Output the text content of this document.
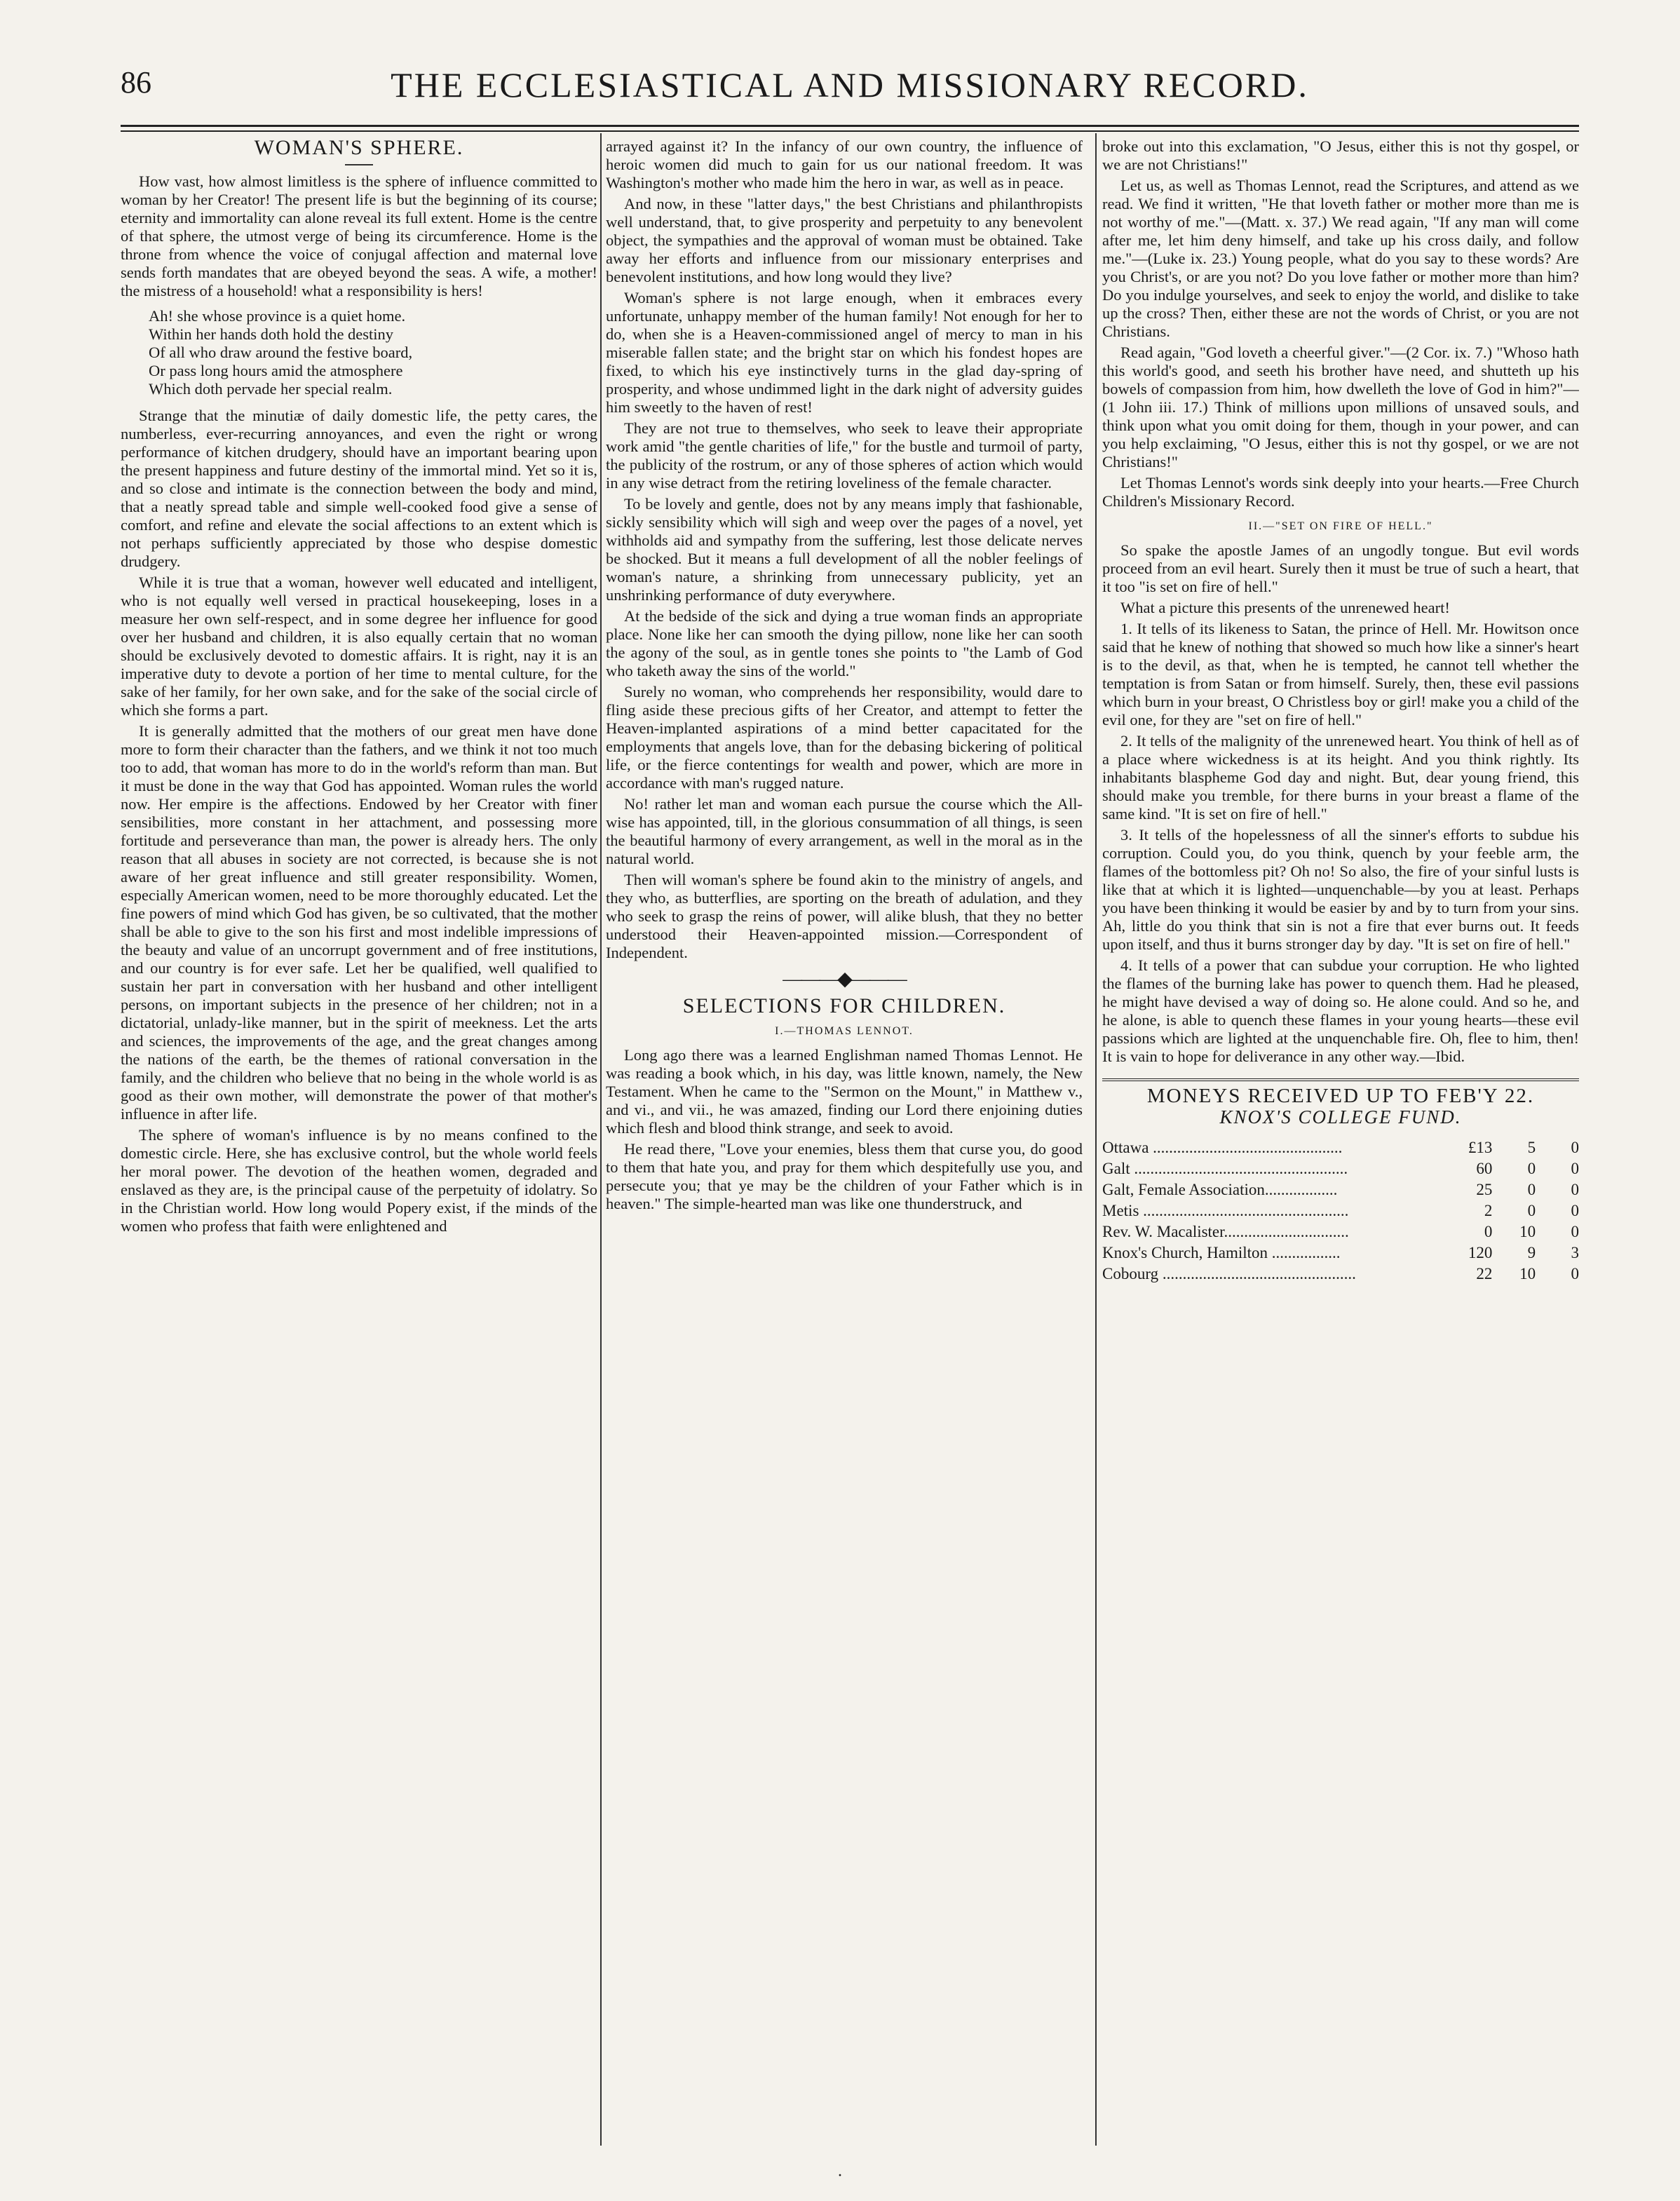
86	THE ECCLESIASTICAL AND MISSIONARY RECORD.
WOMAN'S SPHERE.

How vast, how almost limitless is the sphere of influence committed to woman by her Creator! The present life is but the beginning of its course; eternity and immortality can alone reveal its full extent. Home is the centre of that sphere, the utmost verge of being its circumference. Home is the throne from whence the voice of conjugal affection and maternal love sends forth mandates that are obeyed beyond the seas. A wife, a mother! the mistress of a household! what a responsibility is hers!

Ah! she whose province is a quiet home.
Within her hands doth hold the destiny
Of all who draw around the festive board,
Or pass long hours amid the atmosphere
Which doth pervade her special realm.

Strange that the minutiæ of daily domestic life, the petty cares, the numberless, ever-recurring annoyances, and even the right or wrong performance of kitchen drudgery, should have an important bearing upon the present happiness and future destiny of the immortal mind. Yet so it is, and so close and intimate is the connection between the body and mind, that a neatly spread table and simple well-cooked food give a sense of comfort, and refine and elevate the social affections to an extent which is not perhaps sufficiently appreciated by those who despise domestic drudgery.

While it is true that a woman, however well educated and intelligent, who is not equally well versed in practical housekeeping, loses in a measure her own self-respect, and in some degree her influence for good over her husband and children, it is also equally certain that no woman should be exclusively devoted to domestic affairs. It is right, nay it is an imperative duty to devote a portion of her time to mental culture, for the sake of her family, for her own sake, and for the sake of the social circle of which she forms a part.

It is generally admitted that the mothers of our great men have done more to form their character than the fathers, and we think it not too much too to add, that woman has more to do in the world's reform than man. But it must be done in the way that God has appointed. Woman rules the world now. Her empire is the affections. Endowed by her Creator with finer sensibilities, more constant in her attachment, and possessing more fortitude and perseverance than man, the power is already hers. The only reason that all abuses in society are not corrected, is because she is not aware of her great influence and still greater responsibility. Women, especially American women, need to be more thoroughly educated. Let the fine powers of mind which God has given, be so cultivated, that the mother shall be able to give to the son his first and most indelible impressions of the beauty and value of an uncorrupt government and of free institutions, and our country is for ever safe. Let her be qualified, well qualified to sustain her part in conversation with her husband and other intelligent persons, on important subjects in the presence of her children; not in a dictatorial, unlady-like manner, but in the spirit of meekness. Let the arts and sciences, the improvements of the age, and the great changes among the nations of the earth, be the themes of rational conversation in the family, and the children who believe that no being in the whole world is as good as their own mother, will demonstrate the power of that mother's influence in after life.

The sphere of woman's influence is by no means confined to the domestic circle. Here, she has exclusive control, but the whole world feels her moral power. The devotion of the heathen women, degraded and enslaved as they are, is the principal cause of the perpetuity of idolatry. So in the Christian world. How long would Popery exist, if the minds of the women who profess that faith were enlightened and

arrayed against it? In the infancy of our own country, the influence of heroic women did much to gain for us our national freedom. It was Washington's mother who made him the hero in war, as well as in peace.

And now, in these "latter days," the best Christians and philanthropists well understand, that, to give prosperity and perpetuity to any benevolent object, the sympathies and the approval of woman must be obtained. Take away her efforts and influence from our missionary enterprises and benevolent institutions, and how long would they live?

Woman's sphere is not large enough, when it embraces every unfortunate, unhappy member of the human family! Not enough for her to do, when she is a Heaven-commissioned angel of mercy to man in his miserable fallen state; and the bright star on which his fondest hopes are fixed, to which his eye instinctively turns in the glad day-spring of prosperity, and whose undimmed light in the dark night of adversity guides him sweetly to the haven of rest!

They are not true to themselves, who seek to leave their appropriate work amid "the gentle charities of life," for the bustle and turmoil of party, the publicity of the rostrum, or any of those spheres of action which would in any wise detract from the retiring loveliness of the female character.

To be lovely and gentle, does not by any means imply that fashionable, sickly sensibility which will sigh and weep over the pages of a novel, yet withholds aid and sympathy from the suffering, lest those delicate nerves be shocked. But it means a full development of all the nobler feelings of woman's nature, a shrinking from unnecessary publicity, yet an unshrinking performance of duty everywhere.

At the bedside of the sick and dying a true woman finds an appropriate place. None like her can smooth the dying pillow, none like her can sooth the agony of the soul, as in gentle tones she points to "the Lamb of God who taketh away the sins of the world."

Surely no woman, who comprehends her responsibility, would dare to fling aside these precious gifts of her Creator, and attempt to fetter the Heaven-implanted aspirations of a mind better capacitated for the employments that angels love, than for the debasing bickering of political life, or the fierce contentings for wealth and power, which are more in accordance with man's rugged nature.

No! rather let man and woman each pursue the course which the All-wise has appointed, till, in the glorious consummation of all things, is seen the beautiful harmony of every arrangement, as well in the moral as in the natural world.

Then will woman's sphere be found akin to the ministry of angels, and they who, as butterflies, are sporting on the breath of adulation, and they who seek to grasp the reins of power, will alike blush, that they no better understood their Heaven-appointed mission.—Correspondent of Independent.

———◆———
SELECTIONS FOR CHILDREN.
I.—THOMAS LENNOT.

Long ago there was a learned Englishman named Thomas Lennot. He was reading a book which, in his day, was little known, namely, the New Testament. When he came to the "Sermon on the Mount," in Matthew v., and vi., and vii., he was amazed, finding our Lord there enjoining duties which flesh and blood think strange, and seek to avoid.

He read there, "Love your enemies, bless them that curse you, do good to them that hate you, and pray for them which despitefully use you, and persecute you; that ye may be the children of your Father which is in heaven." The simple-hearted man was like one thunderstruck, and

broke out into this exclamation, "O Jesus, either this is not thy gospel, or we are not Christians!"

Let us, as well as Thomas Lennot, read the Scriptures, and attend as we read. We find it written, "He that loveth father or mother more than me is not worthy of me."—(Matt. x. 37.) We read again, "If any man will come after me, let him deny himself, and take up his cross daily, and follow me."—(Luke ix. 23.) Young people, what do you say to these words? Are you Christ's, or are you not? Do you love father or mother more than him? Do you indulge yourselves, and seek to enjoy the world, and dislike to take up the cross? Then, either these are not the words of Christ, or you are not Christians.

Read again, "God loveth a cheerful giver."—(2 Cor. ix. 7.) "Whoso hath this world's good, and seeth his brother have need, and shutteth up his bowels of compassion from him, how dwelleth the love of God in him?"—(1 John iii. 17.) Think of millions upon millions of unsaved souls, and think upon what you omit doing for them, though in your power, and can you help exclaiming, "O Jesus, either this is not thy gospel, or we are not Christians!"

Let Thomas Lennot's words sink deeply into your hearts.—Free Church Children's Missionary Record.

II.—"SET ON FIRE OF HELL."

So spake the apostle James of an ungodly tongue. But evil words proceed from an evil heart. Surely then it must be true of such a heart, that it too "is set on fire of hell."

What a picture this presents of the unrenewed heart!

1. It tells of its likeness to Satan, the prince of Hell. Mr. Howitson once said that he knew of nothing that showed so much how like a sinner's heart is to the devil, as that, when he is tempted, he cannot tell whether the temptation is from Satan or from himself. Surely, then, these evil passions which burn in your breast, O Christless boy or girl! make you a child of the evil one, for they are "set on fire of hell."

2. It tells of the malignity of the unrenewed heart. You think of hell as of a place where wickedness is at its height. And you think rightly. Its inhabitants blaspheme God day and night. But, dear young friend, this should make you tremble, for there burns in your breast a flame of the same kind. "It is set on fire of hell."

3. It tells of the hopelessness of all the sinner's efforts to subdue his corruption. Could you, do you think, quench by your feeble arm, the flames of the bottomless pit? Oh no! So also, the fire of your sinful lusts is like that at which it is lighted—unquenchable—by you at least. Perhaps you have been thinking it would be easier by and by to turn from your sins. Ah, little do you think that sin is not a fire that ever burns out. It feeds upon itself, and thus it burns stronger day by day. "It is set on fire of hell."

4. It tells of a power that can subdue your corruption. He who lighted the flames of the burning lake has power to quench them. Had he pleased, he might have devised a way of doing so. He alone could. And so he, and he alone, is able to quench these flames in your young hearts—these evil passions which are lighted at the unquenchable fire. Oh, flee to him, then! It is vain to hope for deliverance in any other way.—Ibid.

MONEYS RECEIVED UP TO FEB'Y 22.
KNOX'S COLLEGE FUND.
Ottawa ...............................................	£13	5	0
Galt .....................................................	60	0	0
Galt, Female Association..................	25	0	0
Metis ...................................................	2	0	0
Rev. W. Macalister...............................	0	10	0
Knox's Church, Hamilton .................	120	9	3
Cobourg ................................................	22	10	0
·
